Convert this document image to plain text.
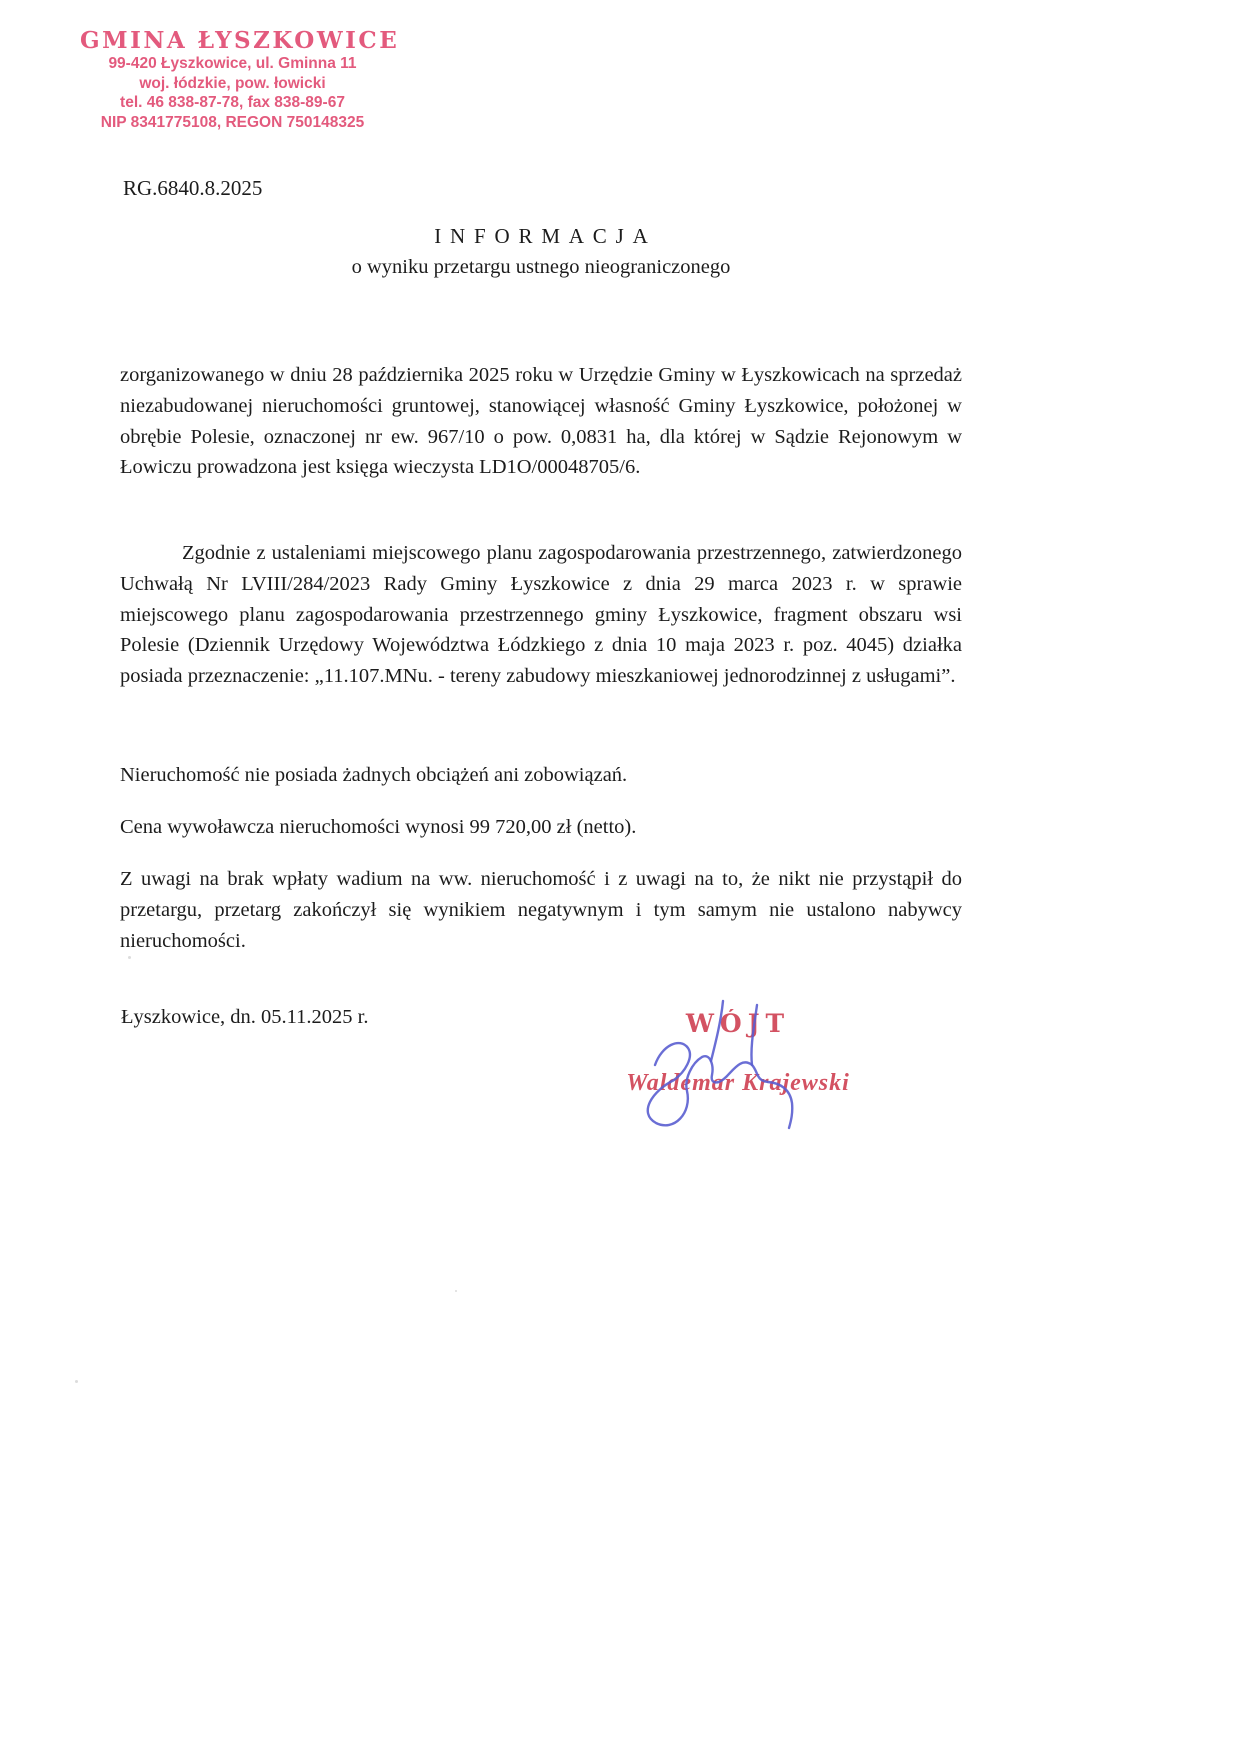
GMINA ŁYSZKOWICE
99-420 Łyszkowice, ul. Gminna 11
woj. łódzkie, pow. łowicki
tel. 46 838-87-78, fax 838-89-67
NIP 8341775108, REGON 750148325
RG.6840.8.2025
INFORMACJA
o wyniku przetargu ustnego nieograniczonego

zorganizowanego w dniu 28 października 2025 roku w Urzędzie Gminy w Łyszkowicach na sprzedaż niezabudowanej nieruchomości gruntowej, stanowiącej własność Gminy Łyszkowice, położonej w obrębie Polesie, oznaczonej nr ew. 967/10 o pow. 0,0831 ha, dla której w Sądzie Rejonowym w Łowiczu prowadzona jest księga wieczysta LD1O/00048705/6.

Zgodnie z ustaleniami miejscowego planu zagospodarowania przestrzennego, zatwierdzonego Uchwałą Nr LVIII/284/2023 Rady Gminy Łyszkowice z dnia 29 marca 2023 r. w sprawie miejscowego planu zagospodarowania przestrzennego gminy Łyszkowice, fragment obszaru wsi Polesie (Dziennik Urzędowy Województwa Łódzkiego z dnia 10 maja 2023 r. poz. 4045) działka posiada przeznaczenie: „11.107.MNu. - tereny zabudowy mieszkaniowej jednorodzinnej z usługami”.

Nieruchomość nie posiada żadnych obciążeń ani zobowiązań.

Cena wywoławcza nieruchomości wynosi 99 720,00 zł (netto).

Z uwagi na brak wpłaty wadium na ww. nieruchomość i z uwagi na to, że nikt nie przystąpił do przetargu, przetarg zakończył się wynikiem negatywnym i tym samym nie ustalono nabywcy nieruchomości.

Łyszkowice, dn. 05.11.2025 r.	WÓJT
Waldemar Krajewski
